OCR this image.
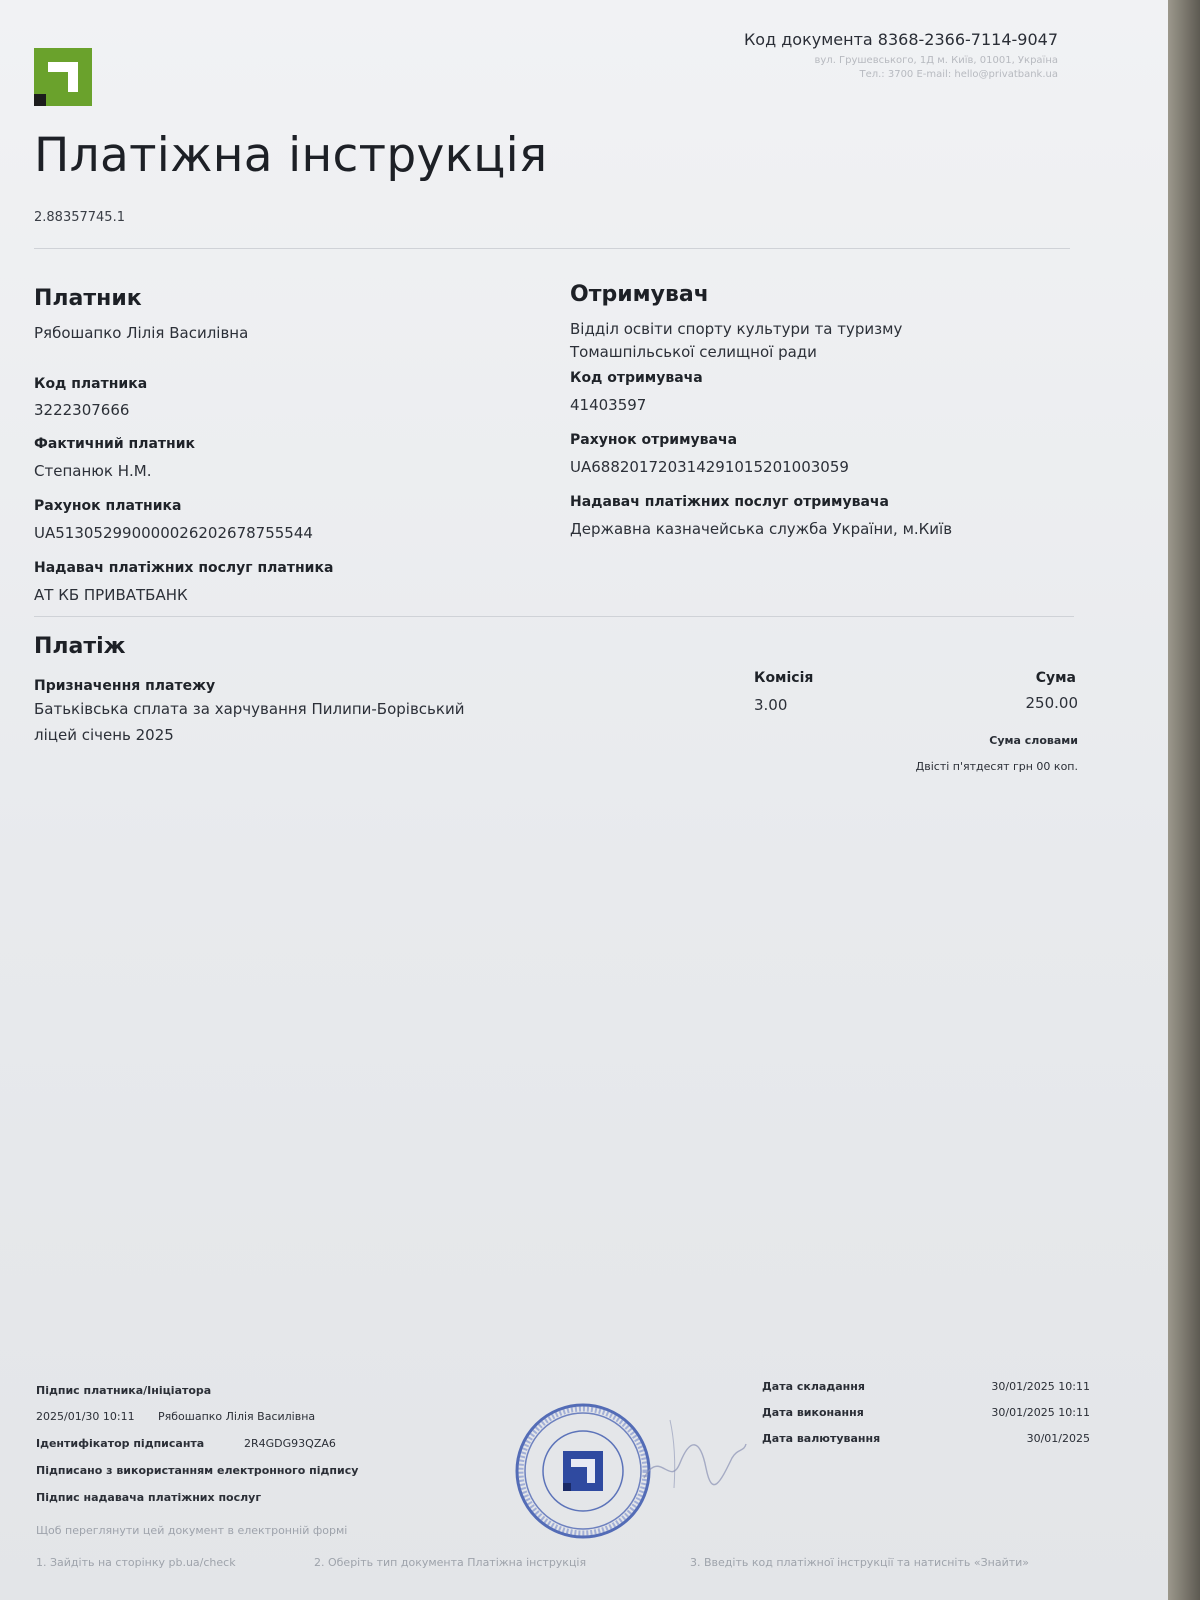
Код документа 8368-2366-7114-9047
вул. Грушевського, 1Д м. Київ, 01001, Україна
Тел.: 3700 E-mail: hello@privatbank.ua
Платіжна інструкція
2.88357745.1
Платник
Рябошапко Лілія Василівна
Код платника
3222307666
Фактичний платник
Степанюк Н.М.
Рахунок платника
UA513052990000026202678755544
Надавач платіжних послуг платника
АТ КБ ПРИВАТБАНК
Отримувач
Відділ освіти спорту культури та туризму
Томашпільської селищної ради
Код отримувача
41403597
Рахунок отримувача
UA688201720314291015201003059
Надавач платіжних послуг отримувача
Державна казначейська служба України, м.Київ
Платіж
Призначення платежу
Батьківська сплата за харчування Пилипи-Борівський
ліцей січень 2025
Комісія
3.00
Сума
250.00
Сума словами
Двісті п'ятдесят грн 00 коп.
Підпис платника/Ініціатора
2025/01/30 10:11 Рябошапко Лілія Василівна
Ідентифікатор підписанта	2R4GDG93QZA6
Підписано з використанням електронного підпису
Підпис надавача платіжних послуг
Щоб переглянути цей документ в електронній формі
1. Зайдіть на сторінку pb.ua/check	2. Оберіть тип документа Платіжна інструкція	3. Введіть код платіжної інструкції та натисніть «Знайти»
Дата складання	30/01/2025 10:11
Дата виконання	30/01/2025 10:11
Дата валютування	30/01/2025
